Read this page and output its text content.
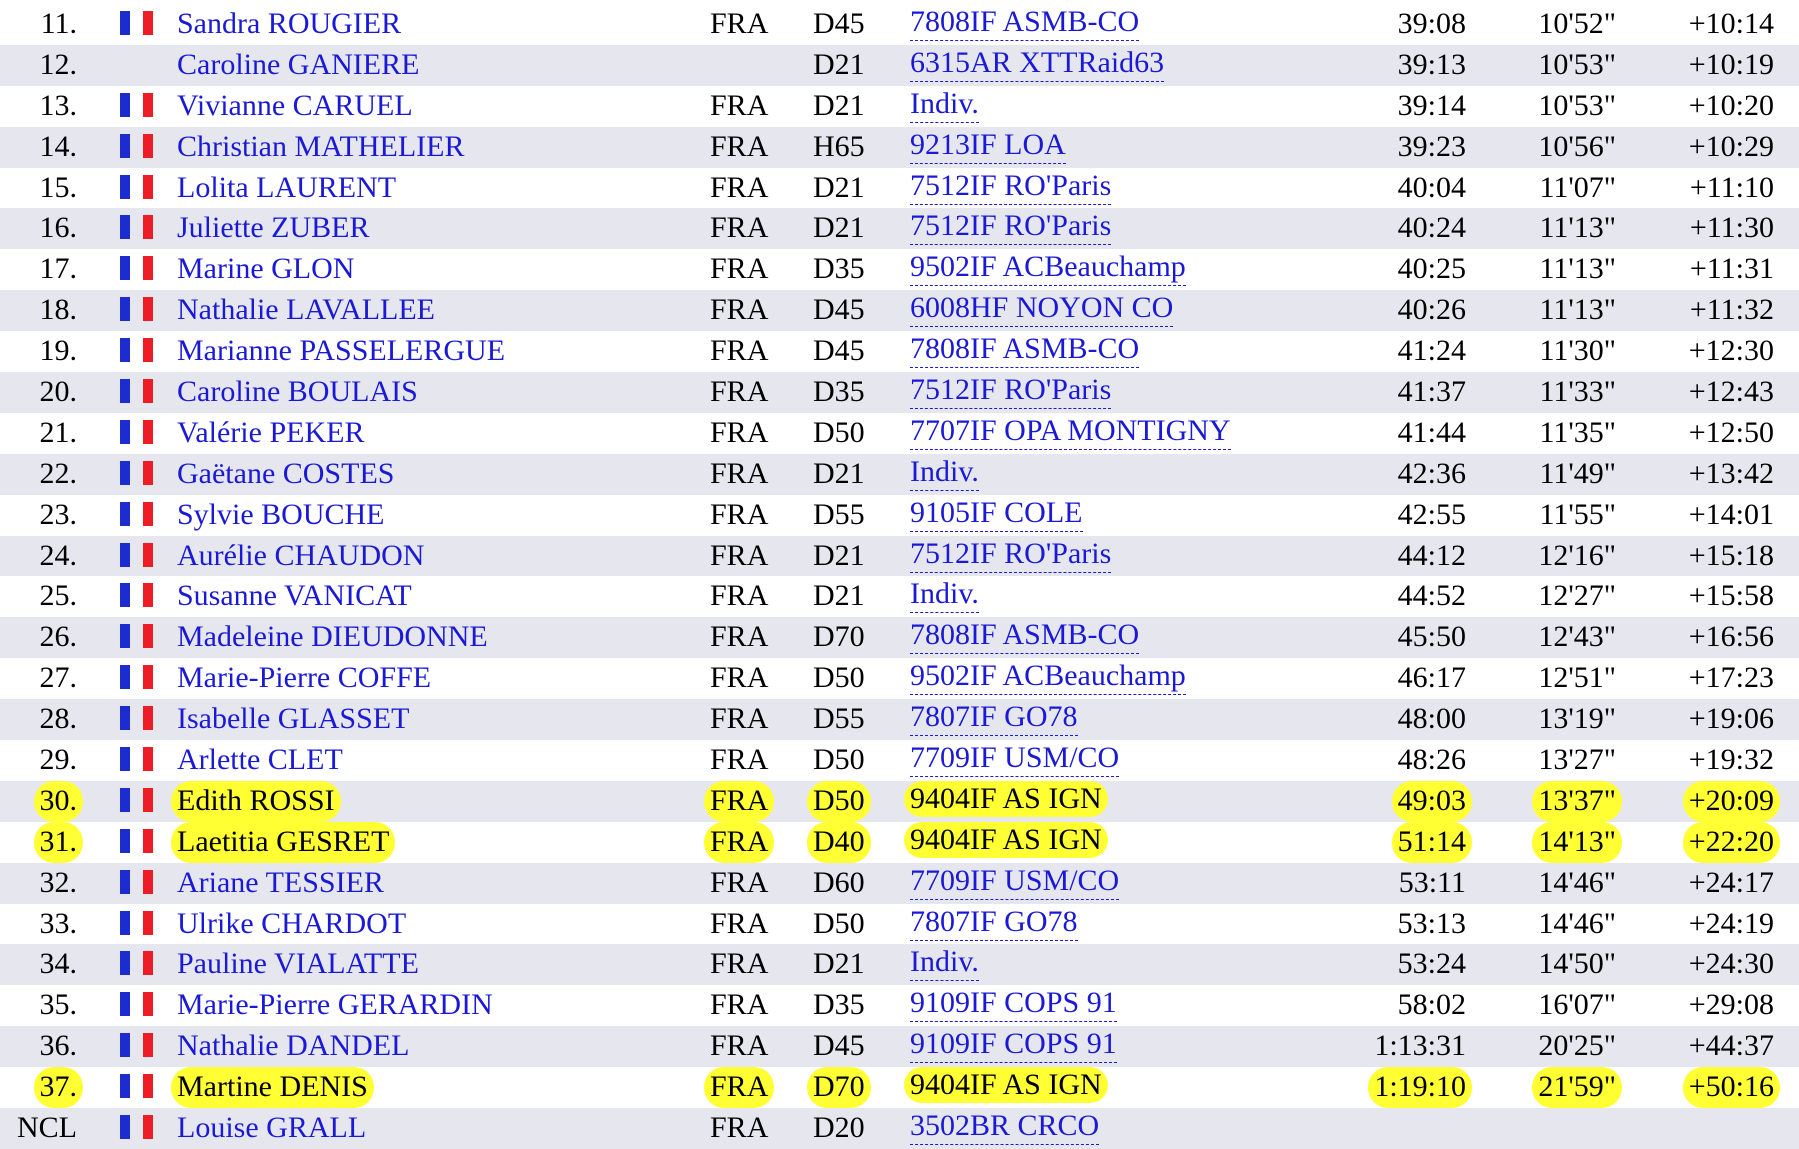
11.	Sandra ROUGIER	FRA D45 7808IF ASMB-CO	39:08 10'52" +10:14
12.	Caroline GANIERE	D21 6315AR XTTRaid63	39:13 10'53" +10:19
13.	Vivianne CARUEL	FRA D21 Indiv.	39:14 10'53" +10:20
14.	Christian MATHELIER	FRA H65 9213IF LOA	39:23 10'56" +10:29
15.	Lolita LAURENT	FRA D21 7512IF RO'Paris	40:04 11'07" +11:10
16.	Juliette ZUBER	FRA D21 7512IF RO'Paris	40:24 11'13" +11:30
17.	Marine GLON	FRA D35 9502IF ACBeauchamp	40:25 11'13" +11:31
18.	Nathalie LAVALLEE	FRA D45 6008HF NOYON CO	40:26 11'13" +11:32
19.	Marianne PASSELERGUE	FRA D45 7808IF ASMB-CO	41:24 11'30" +12:30
20.	Caroline BOULAIS	FRA D35 7512IF RO'Paris	41:37 11'33" +12:43
21.	Valérie PEKER	FRA D50 7707IF OPA MONTIGNY	41:44 11'35" +12:50
22.	Gaëtane COSTES	FRA D21 Indiv.	42:36 11'49" +13:42
23.	Sylvie BOUCHE	FRA D55 9105IF COLE	42:55 11'55" +14:01
24.	Aurélie CHAUDON	FRA D21 7512IF RO'Paris	44:12 12'16" +15:18
25.	Susanne VANICAT	FRA D21 Indiv.	44:52 12'27" +15:58
26.	Madeleine DIEUDONNE	FRA D70 7808IF ASMB-CO	45:50 12'43" +16:56
27.	Marie-Pierre COFFE	FRA D50 9502IF ACBeauchamp	46:17 12'51" +17:23
28.	Isabelle GLASSET	FRA D55 7807IF GO78	48:00 13'19" +19:06
29.	Arlette CLET	FRA D50 7709IF USM/CO	48:26 13'27" +19:32
30.	Edith ROSSI	FRA D50 9404IF AS IGN	49:03 13'37" +20:09
31.	Laetitia GESRET	FRA D40 9404IF AS IGN	51:14 14'13" +22:20
32.	Ariane TESSIER	FRA D60 7709IF USM/CO	53:11 14'46" +24:17
33.	Ulrike CHARDOT	FRA D50 7807IF GO78	53:13 14'46" +24:19
34.	Pauline VIALATTE	FRA D21 Indiv.	53:24 14'50" +24:30
35.	Marie-Pierre GERARDIN	FRA D35 9109IF COPS 91	58:02 16'07" +29:08
36.	Nathalie DANDEL	FRA D45 9109IF COPS 91	1:13:31 20'25" +44:37
37.	Martine DENIS	FRA D70 9404IF AS IGN	1:19:10 21'59" +50:16
NCL	Louise GRALL	FRA D20 3502BR CRCO
